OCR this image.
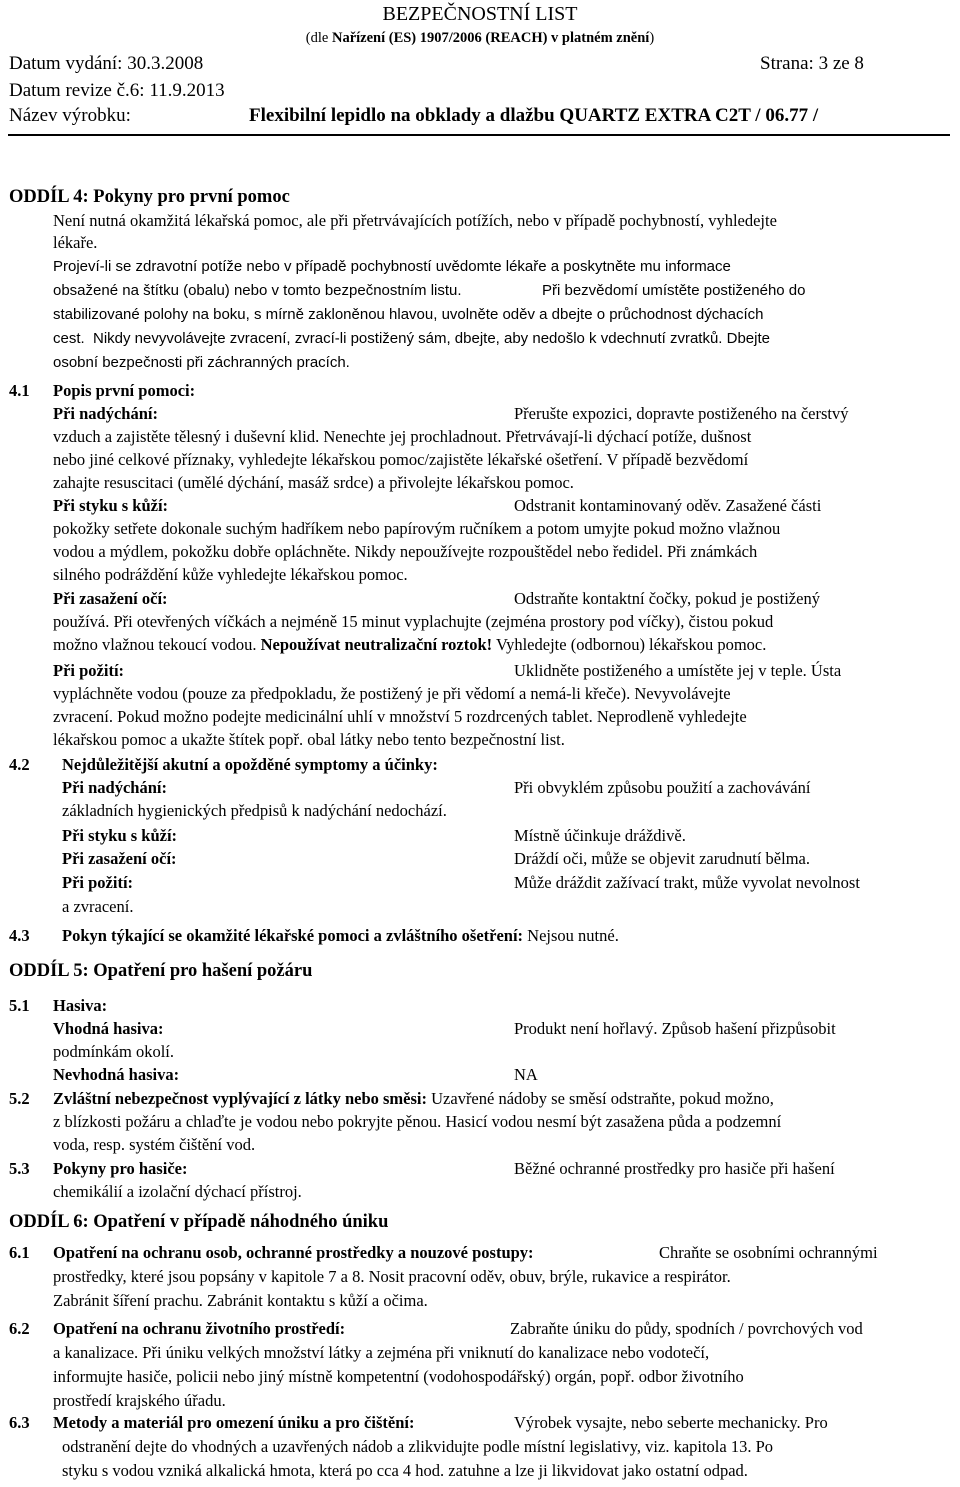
BEZPEČNOSTNÍ LIST
(dle Nařízení (ES) 1907/2006 (REACH) v platném znění)
Datum vydání: 30.3.2008	Strana: 3 ze 8
Datum revize č.6: 11.9.2013
Název výrobku:	Flexibilní lepidlo na obklady a dlažbu QUARTZ EXTRA C2T / 06.77 /
ODDÍL 4: Pokyny pro první pomoc
Není nutná okamžitá lékařská pomoc, ale při přetrvávajících potížích, nebo v případě pochybností, vyhledejte
lékaře.
Projeví-li se zdravotní potíže nebo v případě pochybností uvědomte lékaře a poskytněte mu informace
obsažené na štítku (obalu) nebo v tomto bezpečnostním listu.	Při bezvědomí umístěte postiženého do
stabilizované polohy na boku, s mírně zakloněnou hlavou, uvolněte oděv a dbejte o průchodnost dýchacích
cest. Nikdy nevyvolávejte zvracení, zvrací-li postižený sám, dbejte, aby nedošlo k vdechnutí zvratků. Dbejte
osobní bezpečnosti při záchranných pracích.
4.1 Popis první pomoci:
Při nadýchání:	Přerušte expozici, dopravte postiženého na čerstvý
vzduch a zajistěte tělesný i duševní klid. Nenechte jej prochladnout. Přetrvávají-li dýchací potíže, dušnost
nebo jiné celkové příznaky, vyhledejte lékařskou pomoc/zajistěte lékařské ošetření. V případě bezvědomí
zahajte resuscitaci (umělé dýchání, masáž srdce) a přivolejte lékařskou pomoc.
Při styku s kůží:	Odstranit kontaminovaný oděv. Zasažené části
pokožky setřete dokonale suchým hadříkem nebo papírovým ručníkem a potom umyjte pokud možno vlažnou
vodou a mýdlem, pokožku dobře opláchněte. Nikdy nepoužívejte rozpouštědel nebo ředidel. Při známkách
silného podráždění kůže vyhledejte lékařskou pomoc.
Při zasažení očí:	Odstraňte kontaktní čočky, pokud je postižený
používá. Při otevřených víčkách a nejméně 15 minut vyplachujte (zejména prostory pod víčky), čistou pokud
možno vlažnou tekoucí vodou. Nepoužívat neutralizační roztok! Vyhledejte (odbornou) lékařskou pomoc.
Při požití:	Uklidněte postiženého a umístěte jej v teple. Ústa
vypláchněte vodou (pouze za předpokladu, že postižený je při vědomí a nemá-li křeče). Nevyvolávejte
zvracení. Pokud možno podejte medicinální uhlí v množství 5 rozdrcených tablet. Neprodleně vyhledejte
lékařskou pomoc a ukažte štítek popř. obal látky nebo tento bezpečnostní list.
4.2 Nejdůležitější akutní a opožděné symptomy a účinky:
Při nadýchání:	Při obvyklém způsobu použití a zachovávání
základních hygienických předpisů k nadýchání nedochází.
Při styku s kůží:	Místně účinkuje dráždivě.
Při zasažení očí:	Dráždí oči, může se objevit zarudnutí bělma.
Při požití:	Může dráždit zažívací trakt, může vyvolat nevolnost
a zvracení.
4.3 Pokyn týkající se okamžité lékařské pomoci a zvláštního ošetření: Nejsou nutné.
ODDÍL 5: Opatření pro hašení požáru
5.1 Hasiva:
Vhodná hasiva:	Produkt není hořlavý. Způsob hašení přizpůsobit
podmínkám okolí.
Nevhodná hasiva:	NA
5.2 Zvláštní nebezpečnost vyplývající z látky nebo směsi: Uzavřené nádoby se směsí odstraňte, pokud možno,
z blízkosti požáru a chlaďte je vodou nebo pokryjte pěnou. Hasicí vodou nesmí být zasažena půda a podzemní
voda, resp. systém čištění vod.
5.3 Pokyny pro hasiče:	Běžné ochranné prostředky pro hasiče při hašení
chemikálií a izolační dýchací přístroj.
ODDÍL 6: Opatření v případě náhodného úniku
6.1 Opatření na ochranu osob, ochranné prostředky a nouzové postupy:	Chraňte se osobními ochrannými
prostředky, které jsou popsány v kapitole 7 a 8. Nosit pracovní oděv, obuv, brýle, rukavice a respirátor.
Zabránit šíření prachu. Zabránit kontaktu s kůží a očima.
6.2 Opatření na ochranu životního prostředí:	Zabraňte úniku do půdy, spodních / povrchových vod
a kanalizace. Při úniku velkých množství látky a zejména při vniknutí do kanalizace nebo vodotečí,
informujte hasiče, policii nebo jiný místně kompetentní (vodohospodářský) orgán, popř. odbor životního
prostředí krajského úřadu.
6.3 Metody a materiál pro omezení úniku a pro čištění:	Výrobek vysajte, nebo seberte mechanicky. Pro
odstranění dejte do vhodných a uzavřených nádob a zlikvidujte podle místní legislativy, viz. kapitola 13. Po
styku s vodou vzniká alkalická hmota, která po cca 4 hod. zatuhne a lze ji likvidovat jako ostatní odpad.
